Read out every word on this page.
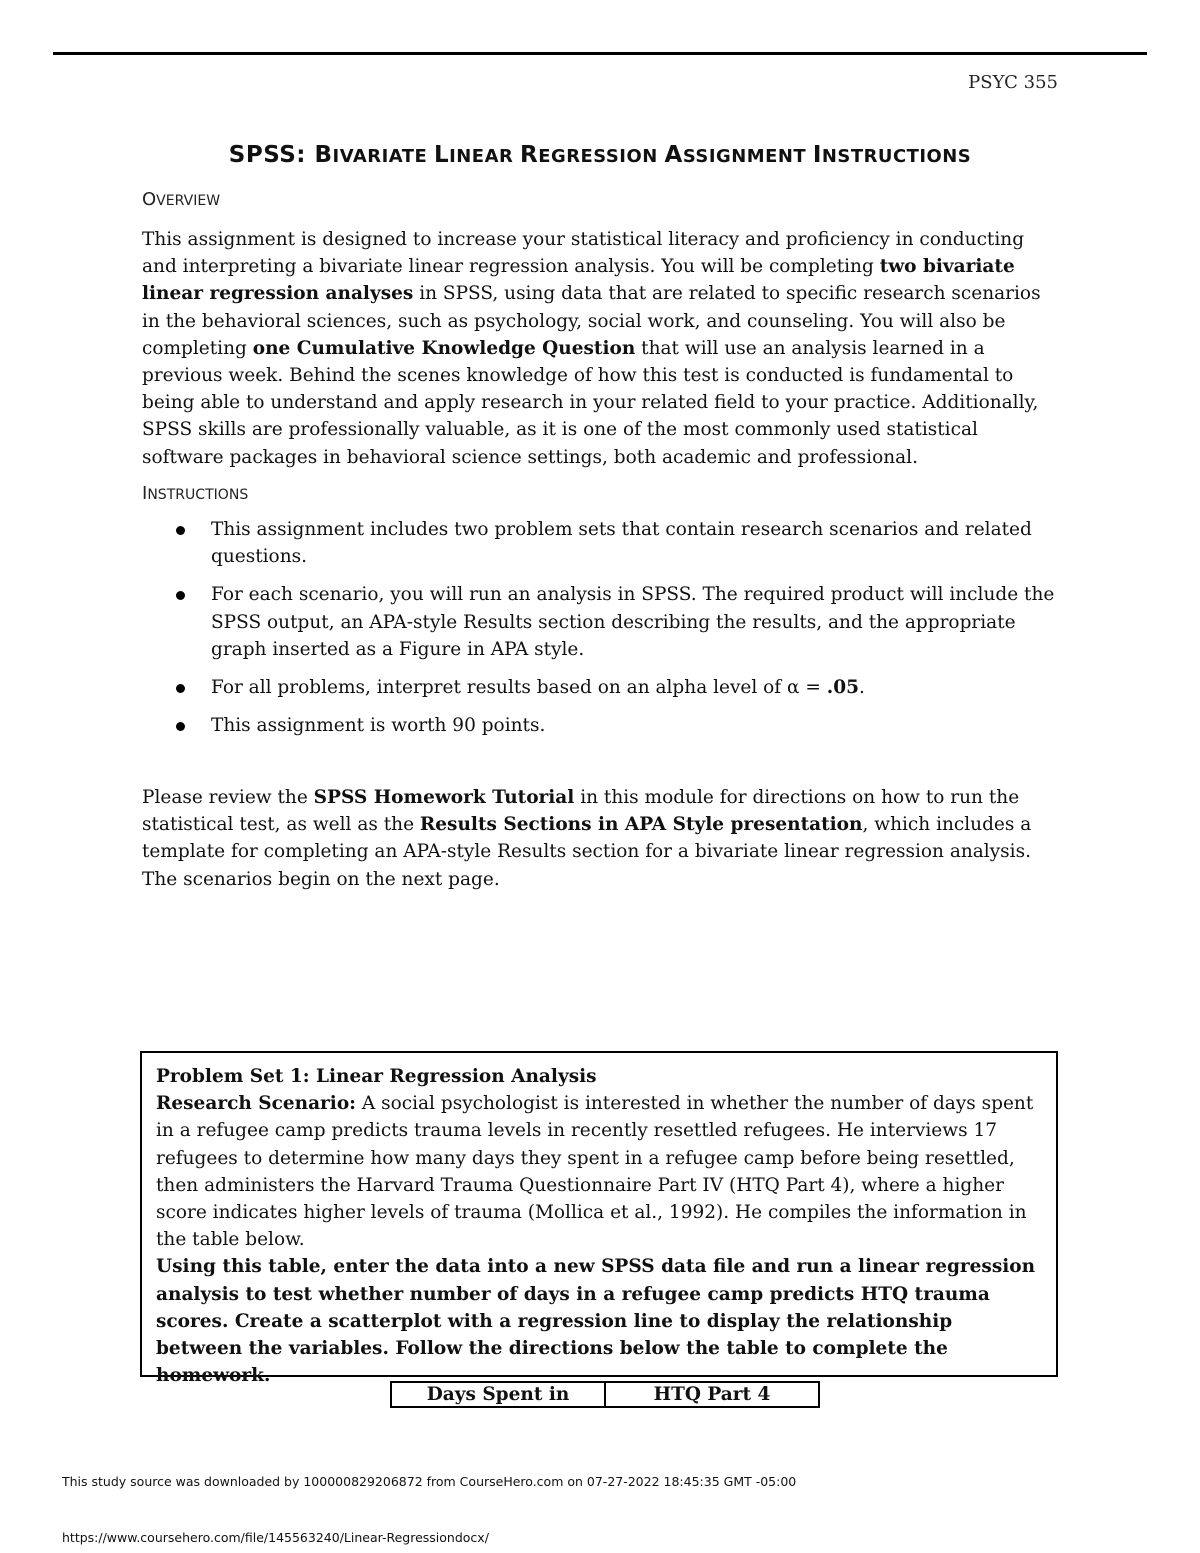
PSYC 355
SPSS: BIVARIATE LINEAR REGRESSION ASSIGNMENT INSTRUCTIONS
OVERVIEW

This assignment is designed to increase your statistical literacy and proficiency in conducting and interpreting a bivariate linear regression analysis. You will be completing two bivariate linear regression analyses in SPSS, using data that are related to specific research scenarios in the behavioral sciences, such as psychology, social work, and counseling. You will also be completing one Cumulative Knowledge Question that will use an analysis learned in a previous week. Behind the scenes knowledge of how this test is conducted is fundamental to being able to understand and apply research in your related field to your practice. Additionally, SPSS skills are professionally valuable, as it is one of the most commonly used statistical software packages in behavioral science settings, both academic and professional.

INSTRUCTIONS
This assignment includes two problem sets that contain research scenarios and related questions.
For each scenario, you will run an analysis in SPSS. The required product will include the SPSS output, an APA-style Results section describing the results, and the appropriate graph inserted as a Figure in APA style.
For all problems, interpret results based on an alpha level of α = .05.
This assignment is worth 90 points.

Please review the SPSS Homework Tutorial in this module for directions on how to run the statistical test, as well as the Results Sections in APA Style presentation, which includes a template for completing an APA-style Results section for a bivariate linear regression analysis. The scenarios begin on the next page.

Problem Set 1: Linear Regression Analysis
Research Scenario: A social psychologist is interested in whether the number of days spent in a refugee camp predicts trauma levels in recently resettled refugees. He interviews 17 refugees to determine how many days they spent in a refugee camp before being resettled, then administers the Harvard Trauma Questionnaire Part IV (HTQ Part 4), where a higher score indicates higher levels of trauma (Mollica et al., 1992). He compiles the information in the table below.
Using this table, enter the data into a new SPSS data file and run a linear regression analysis to test whether number of days in a refugee camp predicts HTQ trauma scores. Create a scatterplot with a regression line to display the relationship between the variables. Follow the directions below the table to complete the homework.
Days Spent in	HTQ Part 4
This study source was downloaded by 100000829206872 from CourseHero.com on 07-27-2022 18:45:35 GMT -05:00
https://www.coursehero.com/file/145563240/Linear-Regressiondocx/
